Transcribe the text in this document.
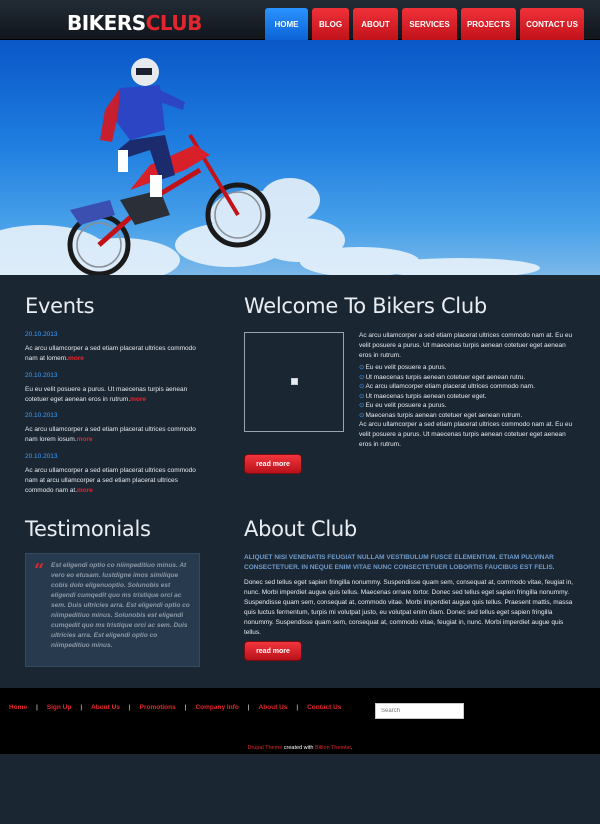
BIKERSCLUB	HOME	BLOG	ABOUT	SERVICES	PROJECTS	CONTACT US
Events
20.10.2013
Ac arcu ullamcorper a sed etiam placerat ultrices commodo nam at lomem.more
20.10.2013
Eu eu velit posuere a purus. Ut maecenas turpis aenean cotetuer eget aenean eros in rutrum.more
20.10.2013
Ac arcu ullamcorper a sed etiam placerat ultrices commodo nam lorem iosum.more
20.10.2013
Ac arcu ullamcorper a sed etiam placerat ultrices commodo nam at arcu ullamcorper a sed etiam placerat ultrices commodo nam at.more
Welcome To Bikers Club
Ac arcu ullamcorper a sed etiam placerat ultrices commodo nam at. Eu eu velit posuere a purus. Ut maecenas turpis aenean cotetuer eget aenean eros in rutrum.
⊙Eu eu velit posuere a purus.
⊙Ut maecenas turpis aenean cotetuer eget aenean rutru.
⊙Ac arcu ullamcorper etiam placerat ultrices commodo nam.
⊙Ut maecenas turpis aenean cotetuer eget.
⊙Eu eu velit posuere a purus.
⊙Maecenas turpis aenean cotetuer eget aenean rutrum.
Ac arcu ullamcorper a sed etiam placerat ultrices commodo nam at. Eu eu velit posuere a purus. Ut maecenas turpis aenean cotetuer eget aenean eros in rutrum.
read more
Testimonials
“ Est eligendi optio co niimpeditiuo minus. At vero eo etusam. Iustdigne imos similique cobis dolo eligenuoptio. Solunobis est eligendi cumqedit quo ms tristique orci ac sem. Duis ultricies arra. Est eligendi optio co niimpeditiuo minus. Solunobis est eligendi cumqedit quo ms tristique orci ac sem. Duis ultricies arra. Est eligendi optio co niimpeditiuo minus.
About Club
ALIQUET NISI VENENATIS FEUGIAT NULLAM VESTIBULUM FUSCE ELEMENTUM. ETIAM PULVINAR CONSECTETUER. IN NEQUE ENIM VITAE NUNC CONSECTETUER LOBORTIS FAUCIBUS EST FELIS.
Donec sed tellus eget sapien fringilla nonummy. Suspendisse quam sem, consequat at, commodo vitae, feugiat in, nunc. Morbi imperdiet augue quis tellus. Maecenas ornare tortor. Donec sed tellus eget sapien fringilla nonummy. Suspendisse quam sem, consequat at, commodo vitae. Morbi imperdiet augue quis tellus. Praesent mattis, massa quis luctus fermentum, turpis mi volutpat justo, eu volutpat enim diam. Donec sed tellus eget sapien fringilla nonummy. Suspendisse quam sem, consequat at, commodo vitae, feugiat in, nunc. Morbi imperdiet augue quis tellus.
read more
Home | Sign Up | About Us | Promotions | Company Info | About Us | Contact Us
Search
Drupal Theme created with Billion Themler.
